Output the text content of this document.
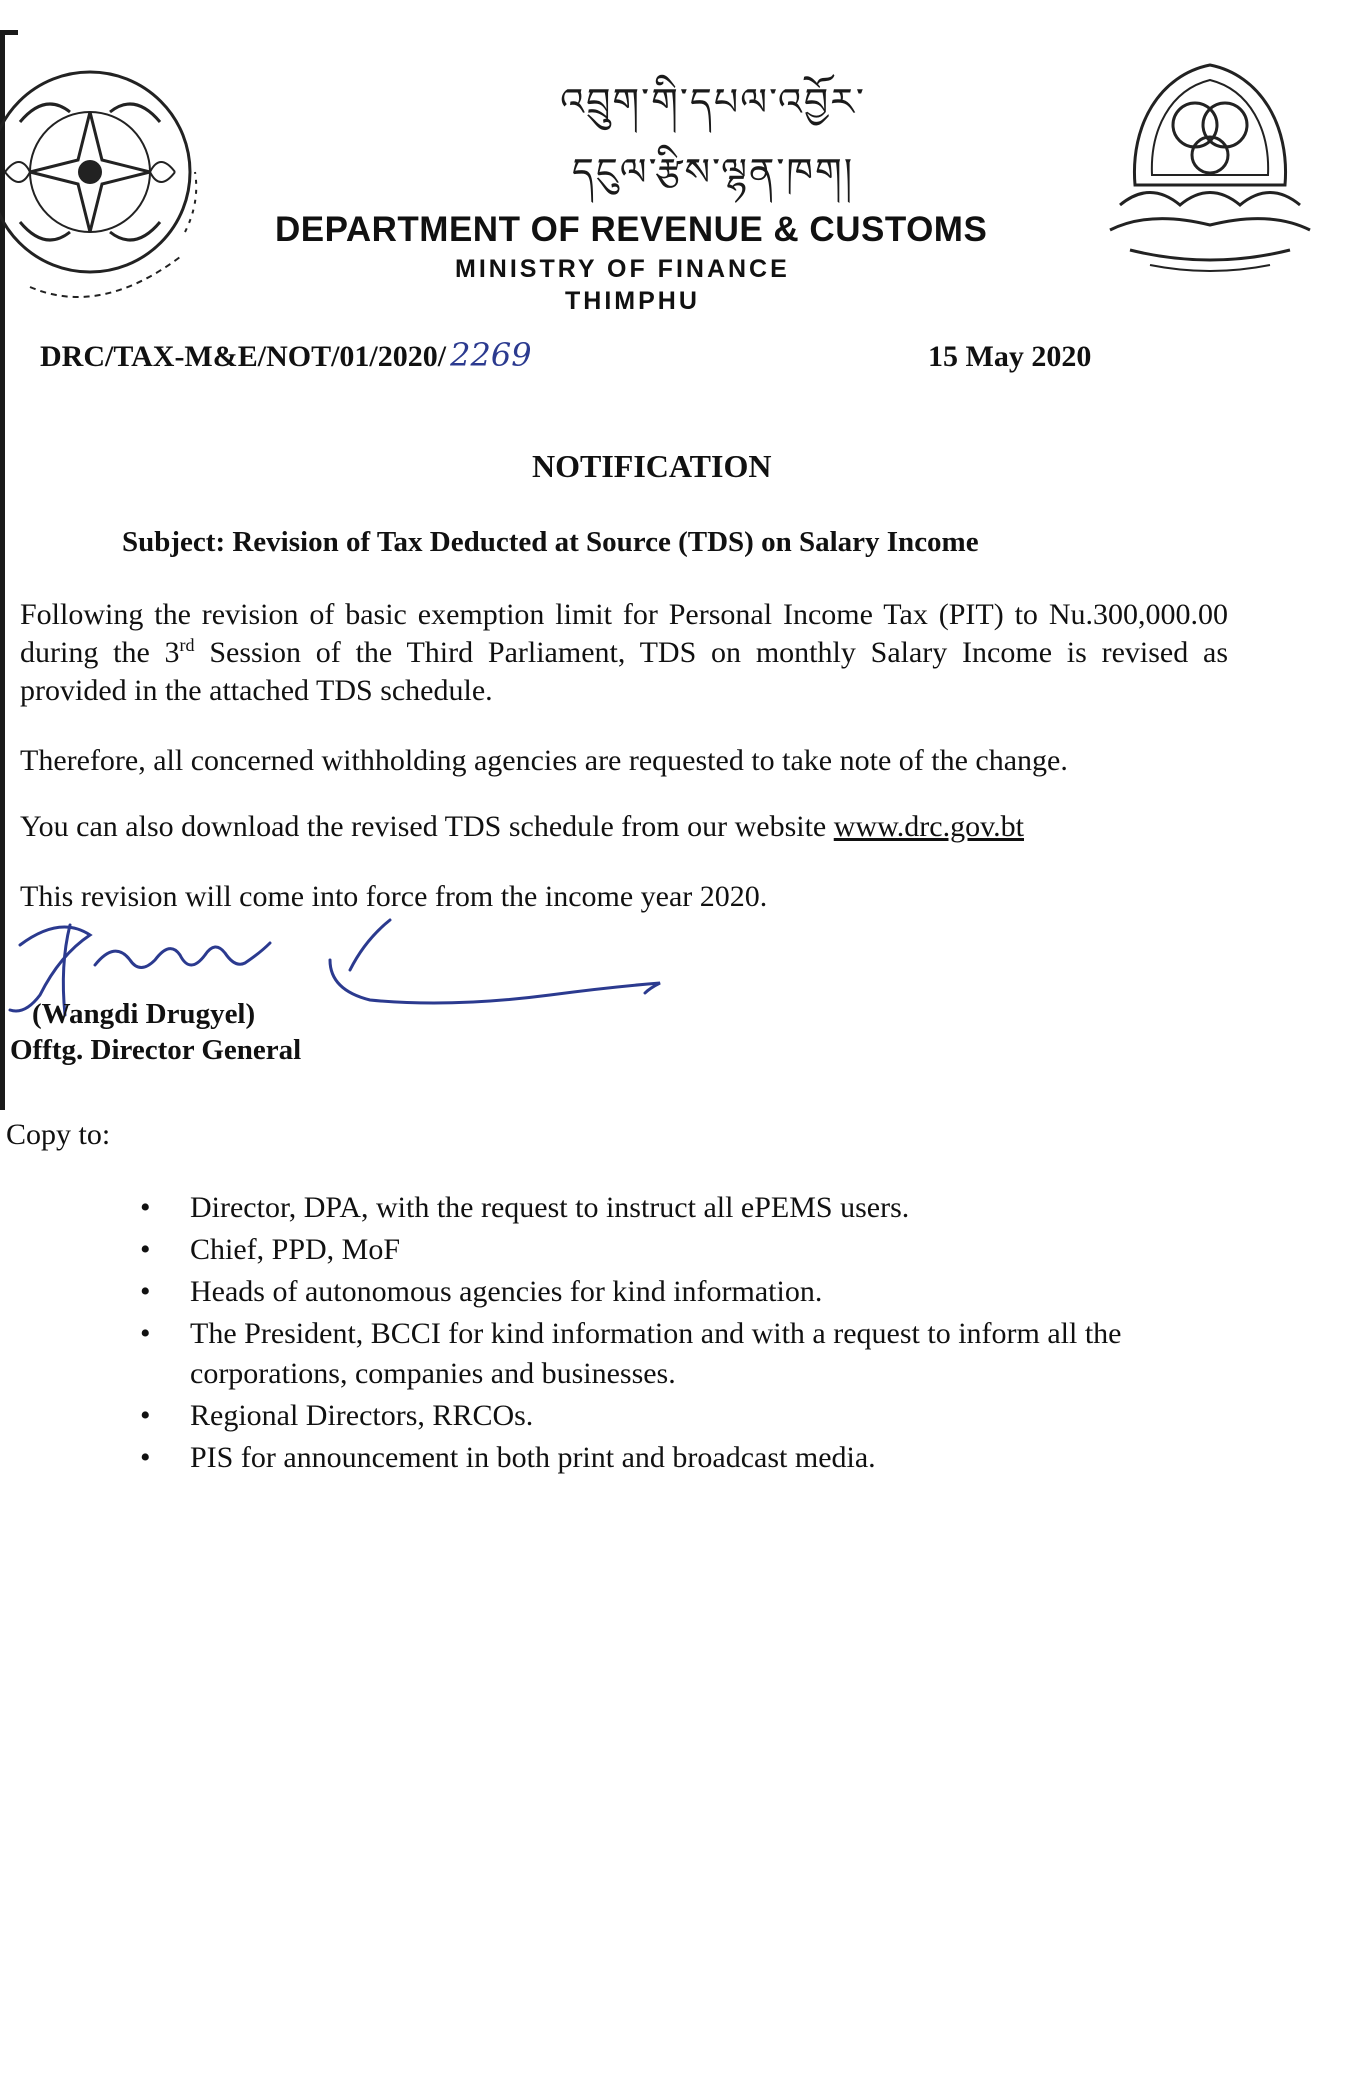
འབྲུག་གི་དཔལ་འབྱོར་
དངུལ་རྩིས་ལྷན་ཁག།
DEPARTMENT OF REVENUE & CUSTOMS
MINISTRY OF FINANCE
THIMPHU
DRC/TAX-M&E/NOT/01/2020/ 2269	15 May 2020
NOTIFICATION
Subject: Revision of Tax Deducted at Source (TDS) on Salary Income
Following the revision of basic exemption limit for Personal Income Tax (PIT) to Nu.300,000.00 during the 3rd Session of the Third Parliament, TDS on monthly Salary Income is revised as provided in the attached TDS schedule.
Therefore, all concerned withholding agencies are requested to take note of the change.
You can also download the revised TDS schedule from our website www.drc.gov.bt
This revision will come into force from the income year 2020.
(Wangdi Drugyel)
Offtg. Director General
Copy to:
• Director, DPA, with the request to instruct all ePEMS users.
• Chief, PPD, MoF
• Heads of autonomous agencies for kind information.
• The President, BCCI for kind information and with a request to inform all the corporations, companies and businesses.
• Regional Directors, RRCOs.
• PIS for announcement in both print and broadcast media.
